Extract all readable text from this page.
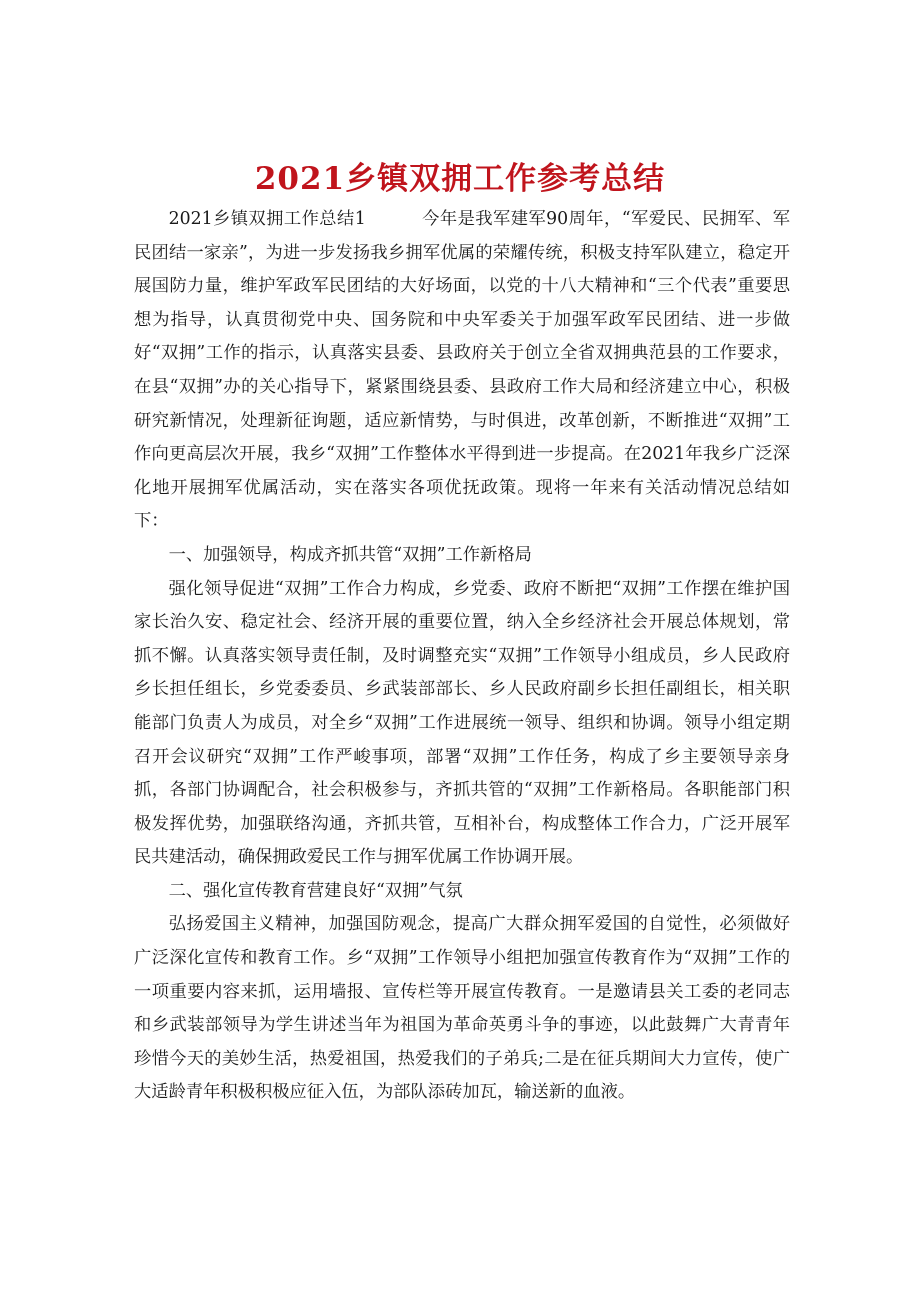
2021乡镇双拥工作参考总结

2021乡镇双拥工作总结1	今年是我军建军90周年，“军爱民、民拥军、军民团结一家亲”，为进一步发扬我乡拥军优属的荣耀传统，积极支持军队建立，稳定开展国防力量，维护军政军民团结的大好场面，以党的十八大精神和“三个代表”重要思想为指导，认真贯彻党中央、国务院和中央军委关于加强军政军民团结、进一步做好“双拥”工作的指示，认真落实县委、县政府关于创立全省双拥典范县的工作要求，在县“双拥”办的关心指导下，紧紧围绕县委、县政府工作大局和经济建立中心，积极研究新情况，处理新征询题，适应新情势，与时俱进，改革创新，不断推进“双拥”工作向更高层次开展，我乡“双拥”工作整体水平得到进一步提高。在2021年我乡广泛深化地开展拥军优属活动，实在落实各项优抚政策。现将一年来有关活动情况总结如下：

一、加强领导，构成齐抓共管“双拥”工作新格局

强化领导促进“双拥”工作合力构成，乡党委、政府不断把“双拥”工作摆在维护国家长治久安、稳定社会、经济开展的重要位置，纳入全乡经济社会开展总体规划，常抓不懈。认真落实领导责任制，及时调整充实“双拥”工作领导小组成员，乡人民政府乡长担任组长，乡党委委员、乡武装部部长、乡人民政府副乡长担任副组长，相关职能部门负责人为成员，对全乡“双拥”工作进展统一领导、组织和协调。领导小组定期召开会议研究“双拥”工作严峻事项，部署“双拥”工作任务，构成了乡主要领导亲身抓，各部门协调配合，社会积极参与，齐抓共管的“双拥”工作新格局。各职能部门积极发挥优势，加强联络沟通，齐抓共管，互相补台，构成整体工作合力，广泛开展军民共建活动，确保拥政爱民工作与拥军优属工作协调开展。

二、强化宣传教育营建良好“双拥”气氛

弘扬爱国主义精神，加强国防观念，提高广大群众拥军爱国的自觉性，必须做好广泛深化宣传和教育工作。乡“双拥”工作领导小组把加强宣传教育作为“双拥”工作的一项重要内容来抓，运用墙报、宣传栏等开展宣传教育。一是邀请县关工委的老同志和乡武装部领导为学生讲述当年为祖国为革命英勇斗争的事迹，以此鼓舞广大青青年珍惜今天的美妙生活，热爱祖国，热爱我们的子弟兵;二是在征兵期间大力宣传，使广大适龄青年积极积极应征入伍，为部队添砖加瓦，输送新的血液。
